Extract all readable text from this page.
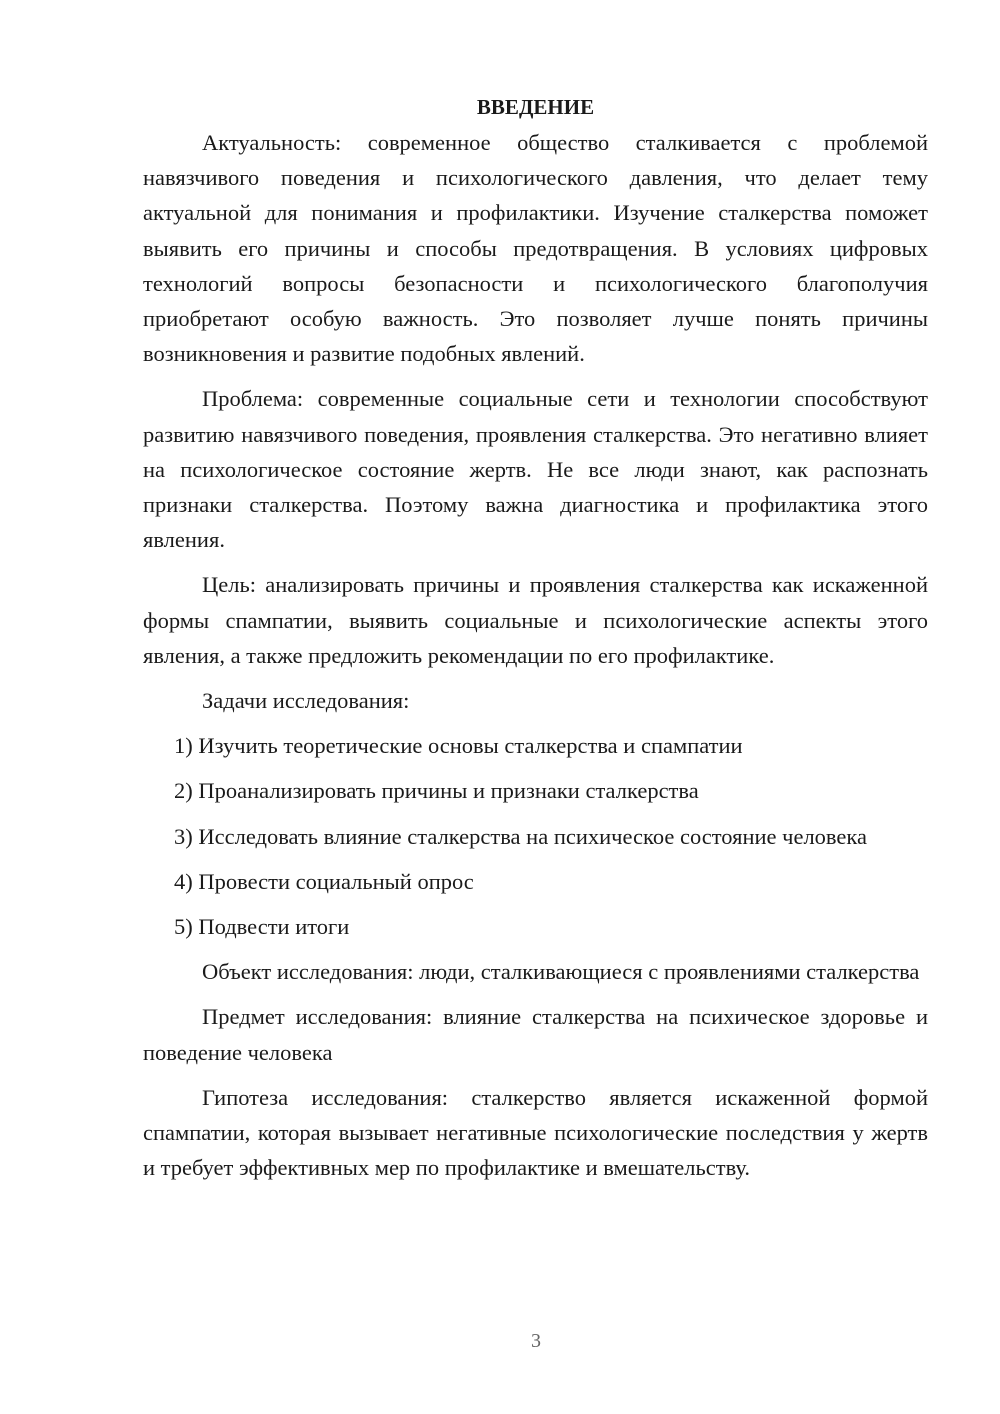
ВВЕДЕНИЕ

Актуальность: современное общество сталкивается с проблемой навязчивого поведения и психологического давления, что делает тему актуальной для понимания и профилактики. Изучение сталкерства поможет выявить его причины и способы предотвращения. В условиях цифровых технологий вопросы безопасности и психологического благополучия приобретают особую важность. Это позволяет лучше понять причины возникновения и развитие подобных явлений.

Проблема: современные социальные сети и технологии способствуют развитию навязчивого поведения, проявления сталкерства. Это негативно влияет на психологическое состояние жертв. Не все люди знают, как распознать признаки сталкерства. Поэтому важна диагностика и профилактика этого явления.

Цель: анализировать причины и проявления сталкерства как искаженной формы спампатии, выявить социальные и психологические аспекты этого явления, а также предложить рекомендации по его профилактике.

Задачи исследования:

1) Изучить теоретические основы сталкерства и спампатии

2) Проанализировать причины и признаки сталкерства

3) Исследовать влияние сталкерства на психическое состояние человека

4) Провести социальный опрос

5) Подвести итоги

Объект исследования: люди, сталкивающиеся с проявлениями сталкерства

Предмет исследования: влияние сталкерства на психическое здоровье и поведение человека

Гипотеза исследования: сталкерство является искаженной формой спампатии, которая вызывает негативные психологические последствия у жертв и требует эффективных мер по профилактике и вмешательству.

3
